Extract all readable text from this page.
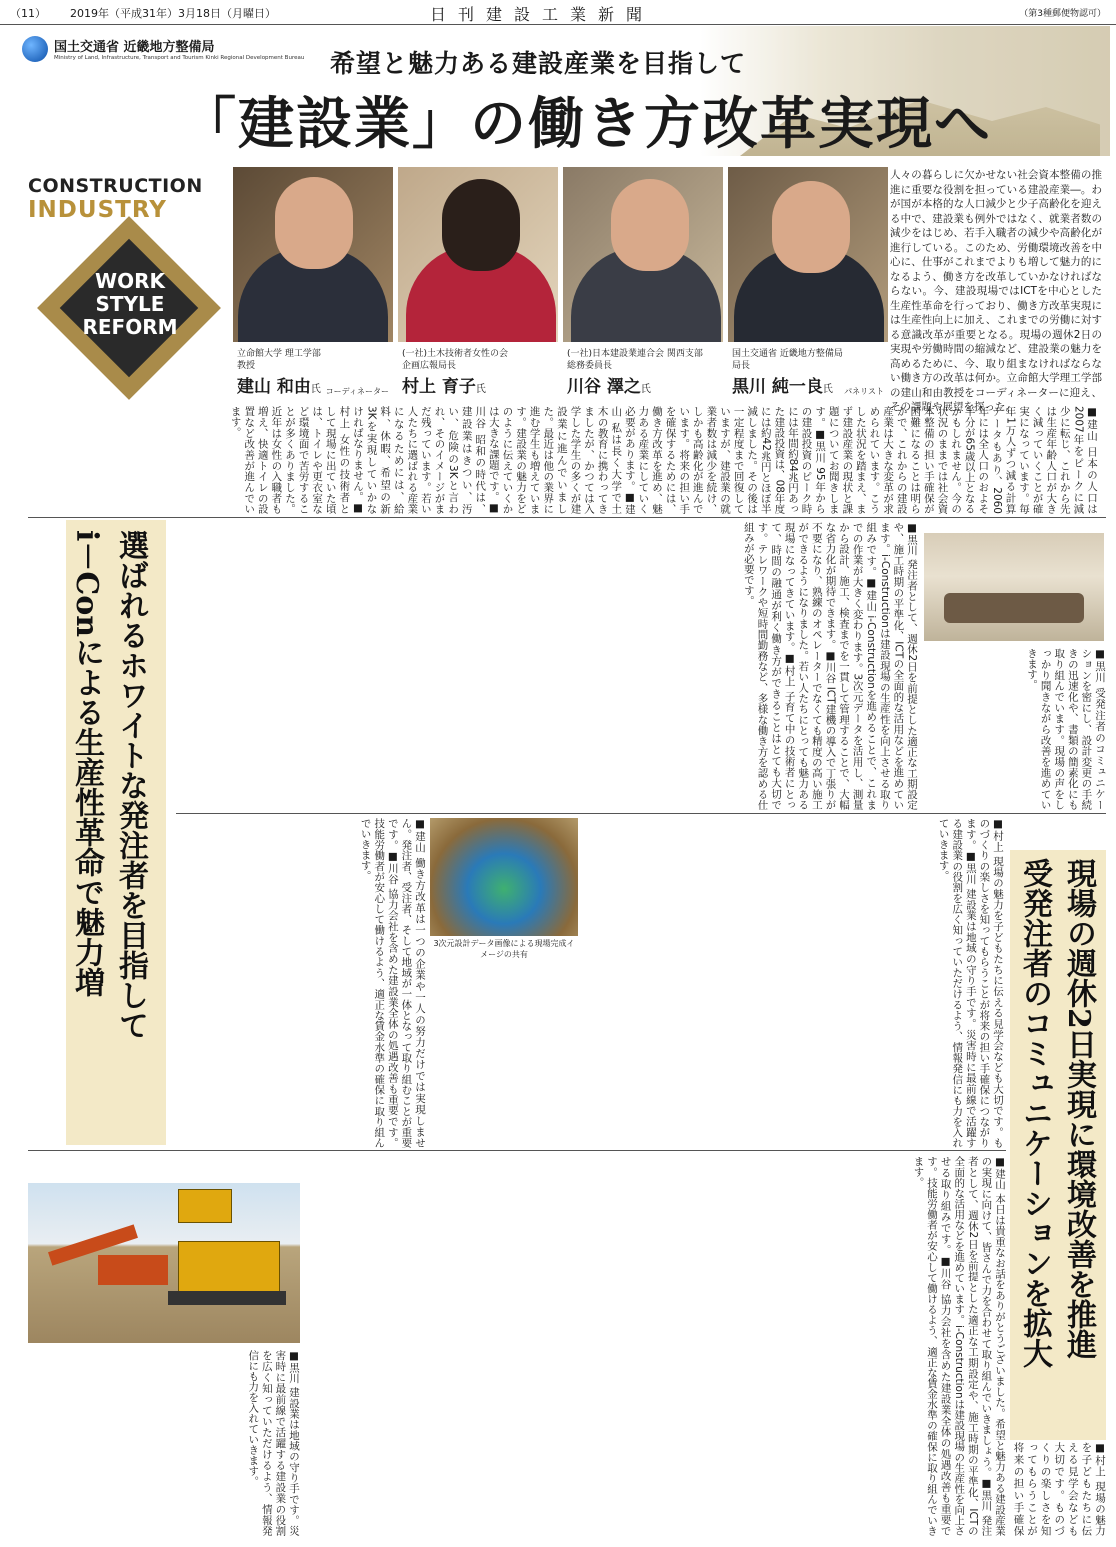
（11） 2019年（平成31年）3月18日（月曜日）	日刊建設工業新聞	（第3種郵便物認可）
国土交通省 近畿地方整備局
Ministry of Land, Infrastructure, Transport and Tourism Kinki Regional Development Bureau 希望と魅力ある建設産業を目指して
「建設業」の働き方改革実現へ
CONSTRUCTION
INDUSTRY
WORK
STYLE
REFORM
立命館大学 理工学部
教授
建山 和由氏 コーディネーター
(一社)土木技術者女性の会
企画広報局長
村上 育子氏
(一社)日本建設業連合会 関西支部
総務委員長
川谷 澤之氏
国土交通省 近畿地方整備局
局長
黒川 純一良氏 パネリスト
人々の暮らしに欠かせない社会資本整備の推進に重要な役割を担っている建設産業―。わが国が本格的な人口減少と少子高齢化を迎える中で、建設業も例外ではなく、就業者数の減少をはじめ、若手入職者の減少や高齢化が進行している。このため、労働環境改善を中心に、仕事がこれまでよりも増して魅力的になるよう、働き方を改革していかなければならない。今、建設現場ではICTを中心とした生産性革命を行っており、働き方改革実現には生産性向上に加え、これまでの労働に対する意識改革が重要となる。現場の週休2日の実現や労働時間の縮減など、建設業の魅力を高めるために、今、取り組まなければならない働き方の改革は何か。立命館大学理工学部の建山和由教授をコーディネーターに迎え、その課題や展望を探った。
選ばれるホワイトな発注者を目指して
i－Conによる生産性革命で魅力増
現場の週休2日実現に環境改善を推進
受発注者のコミュニケーションを拡大
■建山 日本の人口は2007年をピークに減少に転じ、これから先は生産年齢人口が大きく減っていくことが確実になっています。毎年1万人ずつ減る計算データもあり、2060年には全人口のおよそ半分が65歳以上となるかもしれません。今の状況のままでは社会資本整備の担い手確保が困難になることは明らかで、これからの建設産業は大きな変革が求められています。こうした状況を踏まえ、まず建設産業の現状と課題についてお聞きします。■黒川 95年からの建設投資のピーク時には年間約84兆円あった建設投資は、08年度には約42兆円とほぼ半減しました。その後は一定程度まで回復していますが、建設業の就業者数は減少を続け、しかも高齢化が進んでいます。将来の担い手を確保するためには、働き方改革を進め、魅力ある産業にしていく必要があります。■建山 私は長く大学で土木の教育に携わってきましたが、かつては入学した学生の多くが建設業に進んでいました。最近は他の業界に進む学生も増えています。建設業の魅力をどのように伝えていくかは大きな課題です。■川谷 昭和の時代は、建設業はきつい、汚い、危険の3Kと言われ、そのイメージがまだ残っています。若い人たちに選ばれる産業になるためには、給料、休暇、希望の新3Kを実現していかなければなりません。■村上 女性の技術者として現場に出ていた頃は、トイレや更衣室など環境面で苦労することが多くありました。近年は女性の入職者も増え、快適トイレの設置など改善が進んでいます。
■黒川 発注者として、週休2日を前提とした適正な工期設定や、施工時期の平準化、ICTの全面的な活用などを進めています。i-Constructionは建設現場の生産性を向上させる取り組みです。■建山 i-Constructionを進めることで、これまでの作業が大きく変わります。3次元データを活用し、測量から設計、施工、検査までを一貫して管理することで、大幅な省力化が期待できます。■川谷 ICT建機の導入で丁張りが不要になり、熟練のオペレーターでなくても精度の高い施工ができるようになりました。若い人たちにとっても魅力ある現場になってきています。■村上 子育て中の技術者にとって、時間の融通が利く働き方ができることはとても大切です。テレワークや短時間勤務など、多様な働き方を認める仕組みが必要です。
■黒川 受発注者のコミュニケーションを密にし、設計変更の手続きの迅速化や、書類の簡素化にも取り組んでいます。現場の声をしっかり聞きながら改善を進めていきます。
3次元設計データ画像による現場完成イメージの共有
■建山 働き方改革は一つの企業や一人の努力だけでは実現しません。発注者、受注者、そして地域が一体となって取り組むことが重要です。■川谷 協力会社を含めた建設業全体の処遇改善も重要です。技能労働者が安心して働けるよう、適正な賃金水準の確保に取り組んでいきます。	■村上 現場の魅力を子どもたちに伝える見学会なども大切です。ものづくりの楽しさを知ってもらうことが将来の担い手確保につながります。■黒川 建設業は地域の守り手です。災害時に最前線で活躍する建設業の役割を広く知っていただけるよう、情報発信にも力を入れていきます。
■建山 本日は貴重なお話をありがとうございました。希望と魅力ある建設産業の実現に向けて、皆さんで力を合わせて取り組んでいきましょう。■黒川 発注者として、週休2日を前提とした適正な工期設定や、施工時期の平準化、ICTの全面的な活用などを進めています。i-Constructionは建設現場の生産性を向上させる取り組みです。■川谷 協力会社を含めた建設業全体の処遇改善も重要です。技能労働者が安心して働けるよう、適正な賃金水準の確保に取り組んでいきます。
■黒川 建設業は地域の守り手です。災害時に最前線で活躍する建設業の役割を広く知っていただけるよう、情報発信にも力を入れていきます。	■村上 現場の魅力を子どもたちに伝える見学会なども大切です。ものづくりの楽しさを知ってもらうことが将来の担い手確保
